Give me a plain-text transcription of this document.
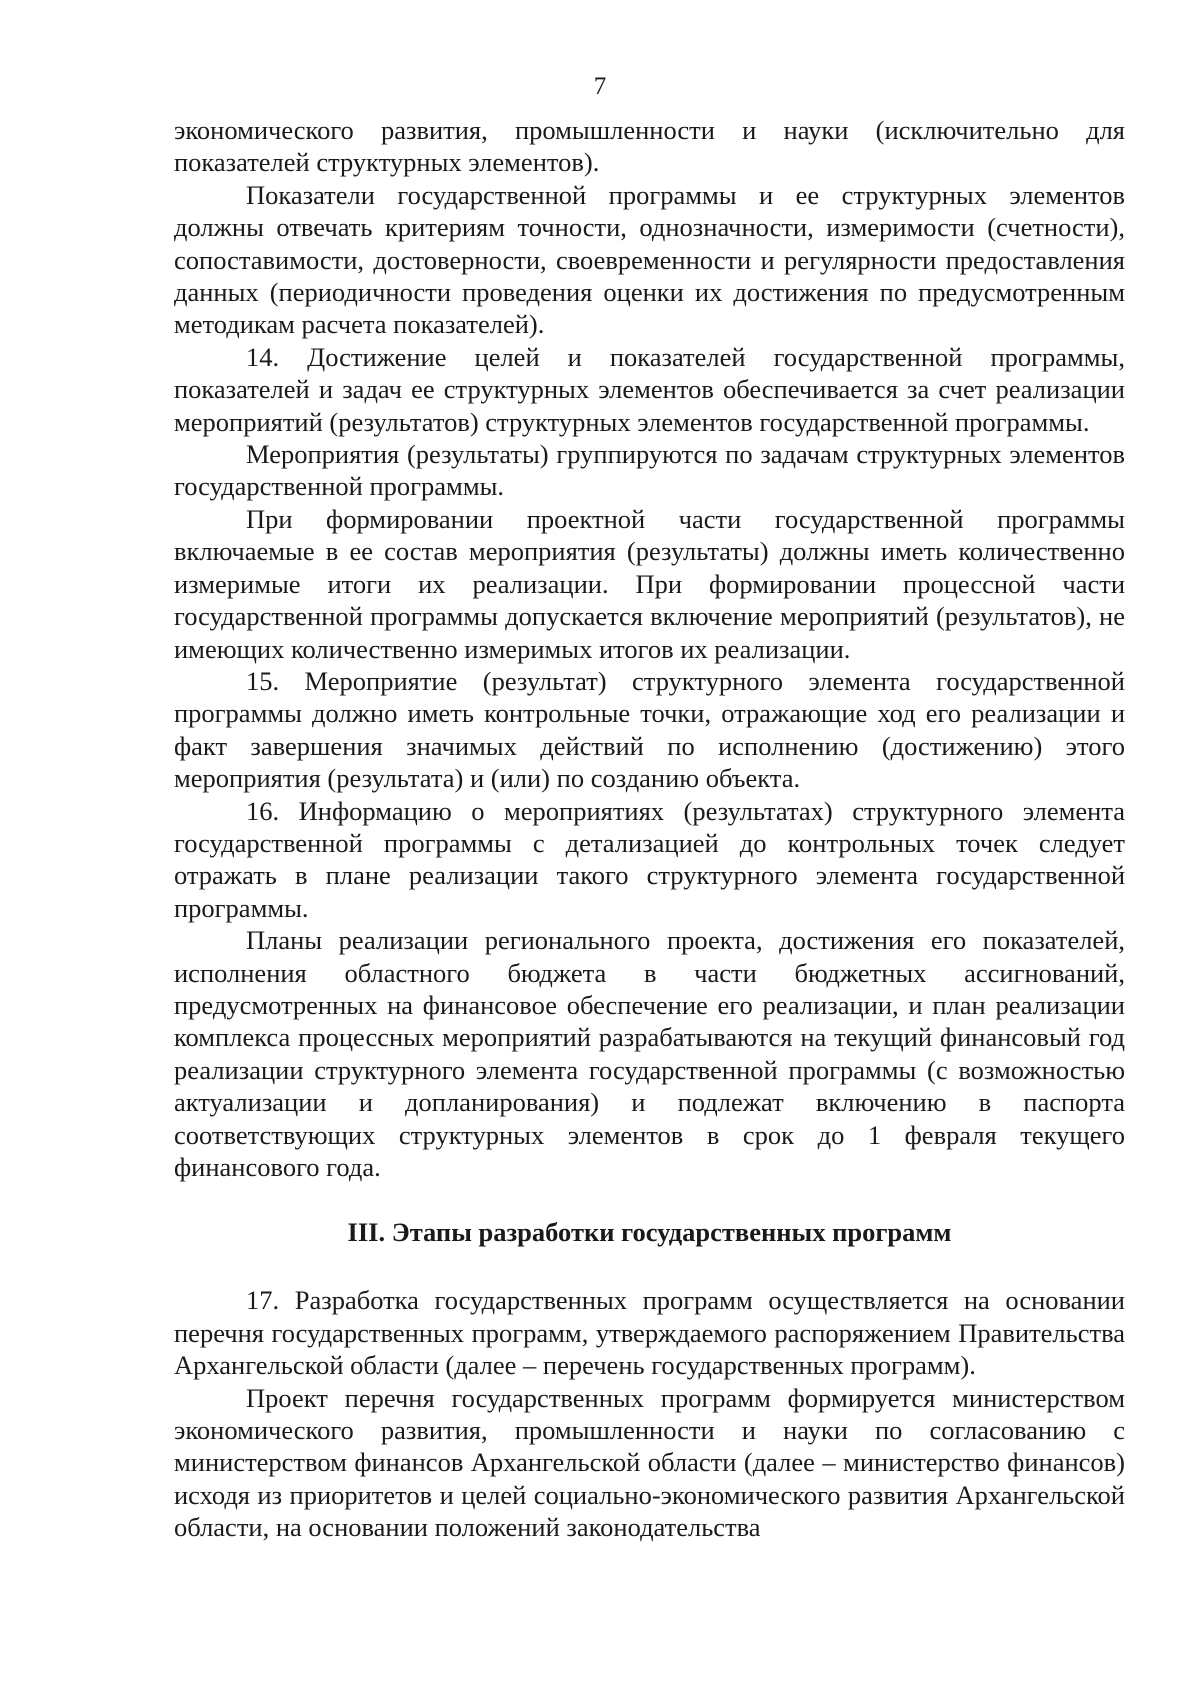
7

экономического развития, промышленности и науки (исключительно для показателей структурных элементов).

Показатели государственной программы и ее структурных элементов должны отвечать критериям точности, однозначности, измеримости (счетности), сопоставимости, достоверности, своевременности и регулярности предоставления данных (периодичности проведения оценки их достижения по предусмотренным методикам расчета показателей).

14. Достижение целей и показателей государственной программы, показателей и задач ее структурных элементов обеспечивается за счет реализации мероприятий (результатов) структурных элементов государственной программы.

Мероприятия (результаты) группируются по задачам структурных элементов государственной программы.

При формировании проектной части государственной программы включаемые в ее состав мероприятия (результаты) должны иметь количественно измеримые итоги их реализации. При формировании процессной части государственной программы допускается включение мероприятий (результатов), не имеющих количественно измеримых итогов их реализации.

15. Мероприятие (результат) структурного элемента государственной программы должно иметь контрольные точки, отражающие ход его реализации и факт завершения значимых действий по исполнению (достижению) этого мероприятия (результата) и (или) по созданию объекта.

16. Информацию о мероприятиях (результатах) структурного элемента государственной программы с детализацией до контрольных точек следует отражать в плане реализации такого структурного элемента государственной программы.

Планы реализации регионального проекта, достижения его показателей, исполнения областного бюджета в части бюджетных ассигнований, предусмотренных на финансовое обеспечение его реализации, и план реализации комплекса процессных мероприятий разрабатываются на текущий финансовый год реализации структурного элемента государственной программы (с возможностью актуализации и допланирования) и подлежат включению в паспорта соответствующих структурных элементов в срок до 1 февраля текущего финансового года.

III. Этапы разработки государственных программ

17. Разработка государственных программ осуществляется на основании перечня государственных программ, утверждаемого распоряжением Правительства Архангельской области (далее – перечень государственных программ).

Проект перечня государственных программ формируется министерством экономического развития, промышленности и науки по согласованию с министерством финансов Архангельской области (далее – министерство финансов) исходя из приоритетов и целей социально-экономического развития Архангельской области, на основании положений законодательства
